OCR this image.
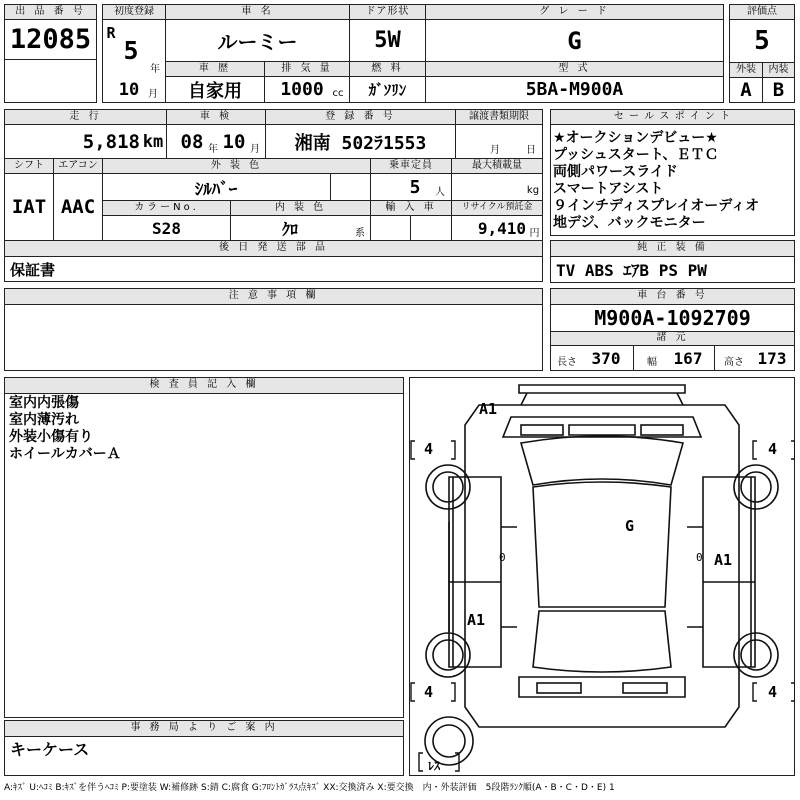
出 品 番 号
12085
初度登録
R
5
年
10 月
車 名
ルーミー
ドア形状
5W
グ レ ー ド
G
評価点
5
車 歴
自家用
排 気 量
1000 cc
燃 料
ｶﾞｿﾘﾝ
型 式
5BA-M900A
外装
A
内装
B
走 行
5,818 km
車 検
08 年 10 月
登 録 番 号
湘南 502ﾗ1553
譲渡書類期限
月	日
セ ー ル ス ポ イ ン ト
★オークションデビュー★
プッシュスタート、ＥＴＣ
両側パワースライド
スマートアシスト
９インチディスプレイオーディオ
地デジ、バックモニター
シフト
IAT
エアコン
AAC
外 装 色
ｼﾙﾊﾞｰ
乗車定員
5	人
最大積載量
kg
カラーNo.
S28
内 装 色
ｸﾛ	系
輸 入 車	リサイクル預託金
9,410 円
後 日 発 送 部 品
保証書
純 正 装 備
TV ABS ｴｱB PS PW
注 意 事 項 欄	車 台 番 号
M900A-1092709
諸 元
長さ 370	幅	167	高さ 173
検 査 員 記 入 欄
室内内張傷
室内薄汚れ
外装小傷有り
ホイールカバーＡ
事 務 局 よ り ご 案 内
キーケース
A1
G
A1
A1
4	4
4	4
ﾚｽ
0	0
A:ｷｽﾞ U:ﾍｺﾐ B:ｷｽﾞを伴うﾍｺﾐ P:要塗装 W:補修跡 S:錆 C:腐食 G:ﾌﾛﾝﾄｶﾞﾗｽ点ｷｽﾞ XX:交換済み X:要交換　内・外装評価　5段階ﾗﾝｸ順(A・B・C・D・E) 1
